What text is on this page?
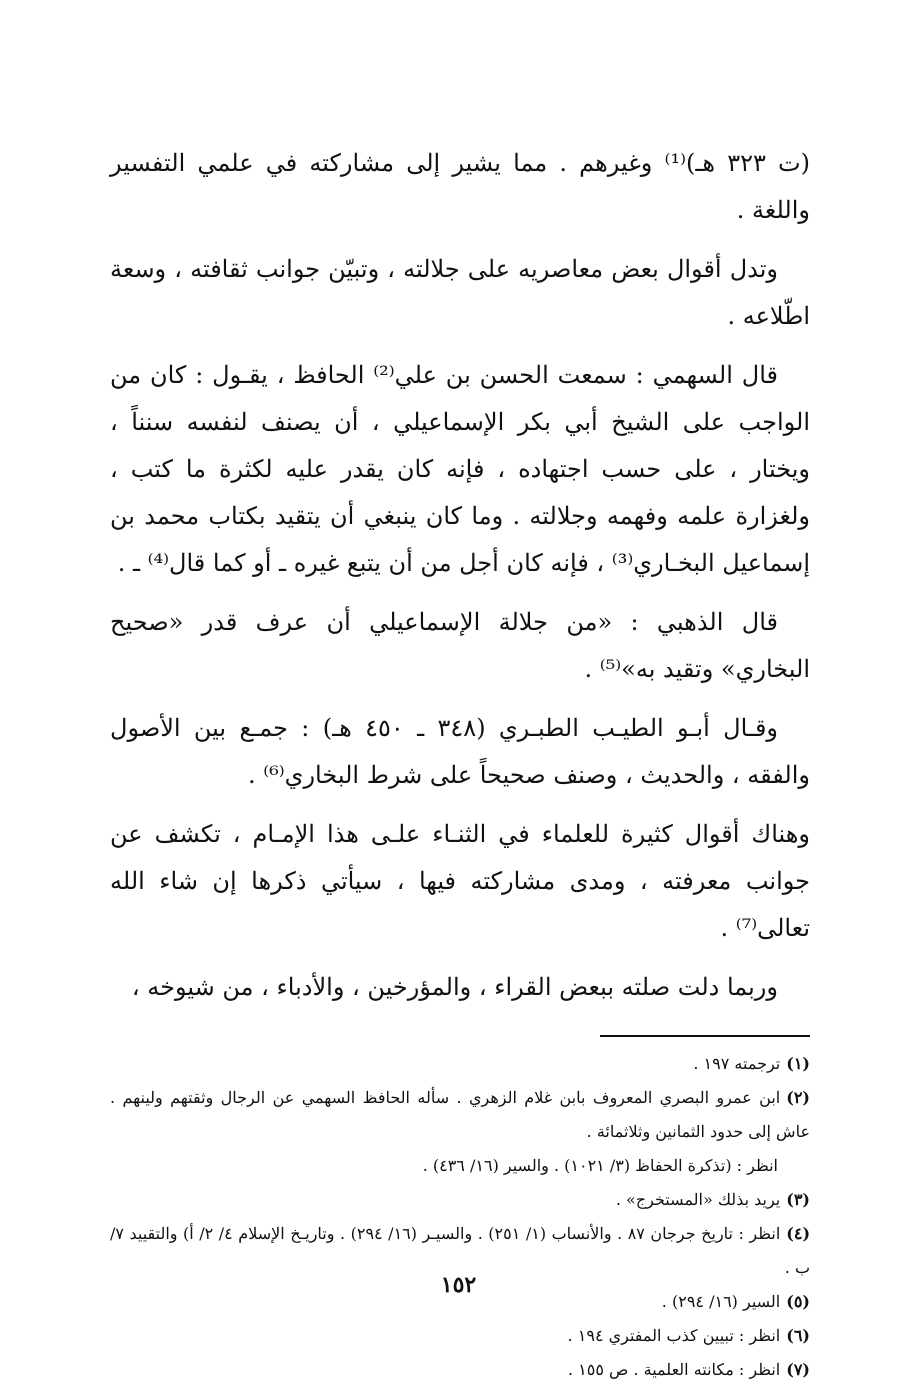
(ت ٣٢٣ هـ)⁽¹⁾ وغيرهم . مما يشير إلى مشاركته في علمي التفسير واللغة .

وتدل أقوال بعض معاصريه على جلالته ، وتبيّن جوانب ثقافته ، وسعة اطّلاعه .

قال السهمي : سمعت الحسن بن علي⁽²⁾ الحافظ ، يقـول : كان من الواجب على الشيخ أبي بكر الإسماعيلي ، أن يصنف لنفسه سنناً ، ويختار ، على حسب اجتهاده ، فإنه كان يقدر عليه لكثرة ما كتب ، ولغزارة علمه وفهمه وجلالته . وما كان ينبغي أن يتقيد بكتاب محمد بن إسماعيل البخـاري⁽³⁾ ، فإنه كان أجل من أن يتبع غيره ـ أو كما قال⁽⁴⁾ ـ .

قال الذهبي : «من جلالة الإسماعيلي أن عرف قدر «صحيح البخاري» وتقيد به»⁽⁵⁾ .

وقـال أبـو الطيـب الطبـري (٣٤٨ ـ ٤٥٠ هـ) : جمـع بين الأصول والفقه ، والحديث ، وصنف صحيحاً على شرط البخاري⁽⁶⁾ .

وهناك أقوال كثيرة للعلماء في الثنـاء علـى هذا الإمـام ، تكشف عن جوانب معرفته ، ومدى مشاركته فيها ، سيأتي ذكرها إن شاء الله تعالى⁽⁷⁾ .

وربما دلت صلته ببعض القراء ، والمؤرخين ، والأدباء ، من شيوخه ،

(١)ترجمته ١٩٧ .

(٢)ابن عمرو البصري المعروف بابن غلام الزهري . سأله الحافظ السهمي عن الرجال وثقتهم ولينهم . عاش إلى حدود الثمانين وثلاثمائة .

انظر : (تذكرة الحفاظ (٣/ ١٠٢١) . والسير (١٦/ ٤٣٦) .

(٣)يريد بذلك «المستخرج» .

(٤)انظر : تاريخ جرجان ٨٧ . والأنساب (١/ ٢٥١) . والسيـر (١٦/ ٢٩٤) . وتاريـخ الإسلام ٤/ ٢/ أ) والتقييد ٧/ ب .

(٥)السير (١٦/ ٢٩٤) .

(٦)انظر : تبيين كذب المفتري ١٩٤ .

(٧)انظر : مكانته العلمية . ص ١٥٥ .

١٥٢
